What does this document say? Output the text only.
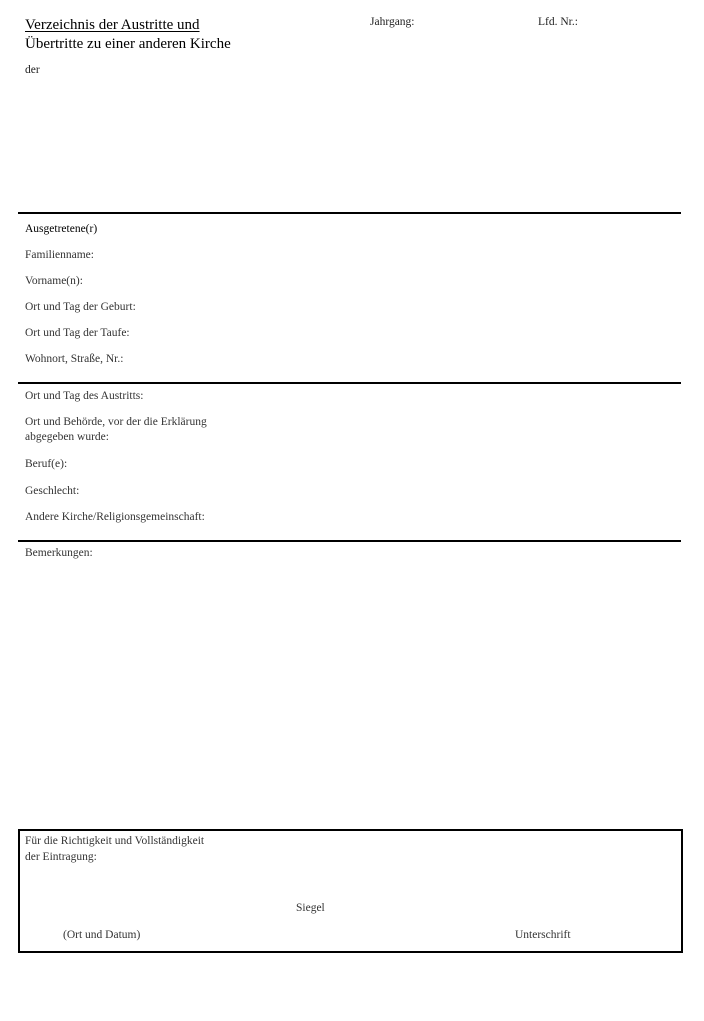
Verzeichnis der Austritte und
Übertritte zu einer anderen Kirche
der
Jahrgang:	Lfd. Nr.:
Ausgetretene(r)
Familienname:
Vorname(n):
Ort und Tag der Geburt:
Ort und Tag der Taufe:
Wohnort, Straße, Nr.:
Ort und Tag des Austritts:
Ort und Behörde, vor der die Erklärung
abgegeben wurde:
Beruf(e):
Geschlecht:
Andere Kirche/Religionsgemeinschaft:
Bemerkungen:
Für die Richtigkeit und Vollständigkeit
der Eintragung:
Siegel
(Ort und Datum)	Unterschrift
